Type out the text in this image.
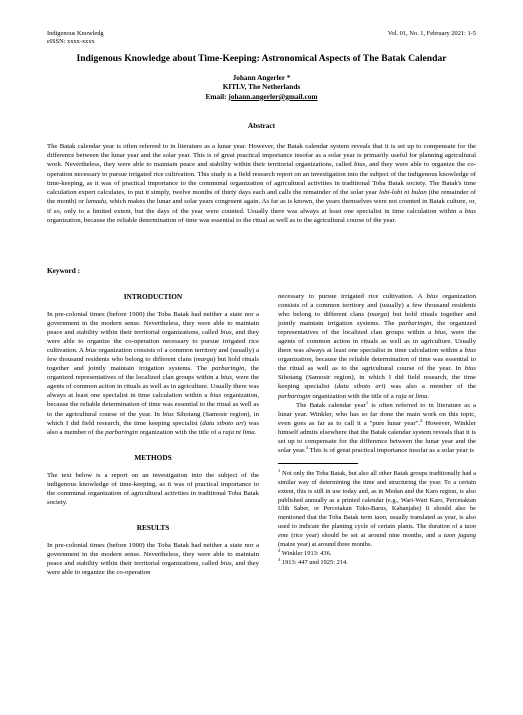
Indigenous Knowledg
eISSN: xxxx-xxxx
Vol. 01, No. 1, February 2021: 1-5
Indigenous Knowledge about Time-Keeping: Astronomical Aspects of The Batak Calendar
Johann Angerler *
KITLV, The Netherlands
Email: johann.angerler@gmail.com
Abstract

The Batak calendar year is often referred to in literature as a lunar year. However, the Batak calendar system reveals that it is set up to compensate for the difference between the lunar year and the solar year. This is of great practical importance insofar as a solar year is primarily useful for planning agricultural work. Nevertheless, they were able to maintain peace and stability within their territorial organizations, called bius, and they were able to organize the co-operation necessary to pursue irrigated rice cultivation. This study is a field research report on an investigation into the subject of the indigenous knowledge of time-keeping, as it was of practical importance to the communal organization of agricultural activities in traditional Toba Batak society. The Batak's time calculation expert calculates, to put it simply, twelve months of thirty days each and calls the remainder of the solar year lobi-lobi ni bulan (the remainder of the month) or lamadu, which makes the lunar and solar years congruent again. As far as is known, the years themselves were not counted in Batak culture, or, if so, only to a limited extent, but the days of the year were counted. Usually there was always at least one specialist in time calculation within a bius organization, because the reliable determination of time was essential to the ritual as well as to the agricultural course of the year.

Keyword :
INTRODUCTION

In pre-colonial times (before 1900) the Toba Batak had neither a state nor a government in the modern sense. Nevertheless, they were able to maintain peace and stability within their territorial organizations, called bius, and they were able to organize the co-operation necessary to pursue irrigated rice cultivation. A bius organization consists of a common territory and (usually) a few thousand residents who belong to different clans (marga) but hold rituals together and jointly maintain irrigation systems. The parbaringin, the organized representatives of the localized clan groups within a bius, were the agents of common action in rituals as well as in agriculture. Usually there was always at least one specialist in time calculation within a bius organization, because the reliable determination of time was essential to the ritual as well as to the agricultural course of the year. In bius Sihotang (Samosir region), in which I did field research, the time keeping specialist (datu siboto ari) was also a member of the parbaringin organization with the title of a raja ni lima.

METHODS

The text below is a report on an investigation into the subject of the indigenous knowledge of time-keeping, as it was of practical importance to the communal organization of agricultural activities in traditional Toba Batak society.

RESULTS

In pre-colonial times (before 1900) the Toba Batak had neither a state nor a government in the modern sense. Nevertheless, they were able to maintain peace and stability within their territorial organizations, called bius, and they were able to organize the co-operation

necessary to pursue irrigated rice cultivation. A bius organization consists of a common territory and (usually) a few thousand residents who belong to different clans (marga) but hold rituals together and jointly maintain irrigation systems. The parbaringin, the organized representatives of the localized clan groups within a bius, were the agents of common action in rituals as well as in agriculture. Usually there was always at least one specialist in time calculation within a bius organization, because the reliable determination of time was essential to the ritual as well as to the agricultural course of the year. In bius Sihotang (Samosir region), in which I did field research, the time keeping specialist (datu siboto ari) was also a member of the parbaringin organization with the title of a raja ni lima.

The Batak calendar year$^1$ is often referred to in literature as a lunar year. Winkler, who has so far done the main work on this topic, even goes as far as to call it a "pure lunar year".$^2$ However, Winkler himself admits elsewhere that the Batak calendar system reveals that it is set up to compensate for the difference between the lunar year and the solar year.$^3$ This is of great practical importance insofar as a solar year is

$^1$ Not only the Toba Batak, but also all other Batak groups traditionally had a similar way of determining the time and structuring the year. To a certain extent, this is still in use today and, as in Medan and the Karo region, is also published annually as a printed calendar (e.g., Wari-Wari Karo, Percetaktan Ulih Saber, or Percetakan Toko-Barus, Kabanjahe) It should also be mentioned that the Toba Batak term taon, usually translated as year, is also used to indicate the planting cycle of certain plants. The duration of a taon eme (rice year) should be set at around nine months, and a taon jagung (maize year) at around three months.

$^2$ Winkler 1913: 436.

$^3$ 1913: 447 und 1925: 214.
